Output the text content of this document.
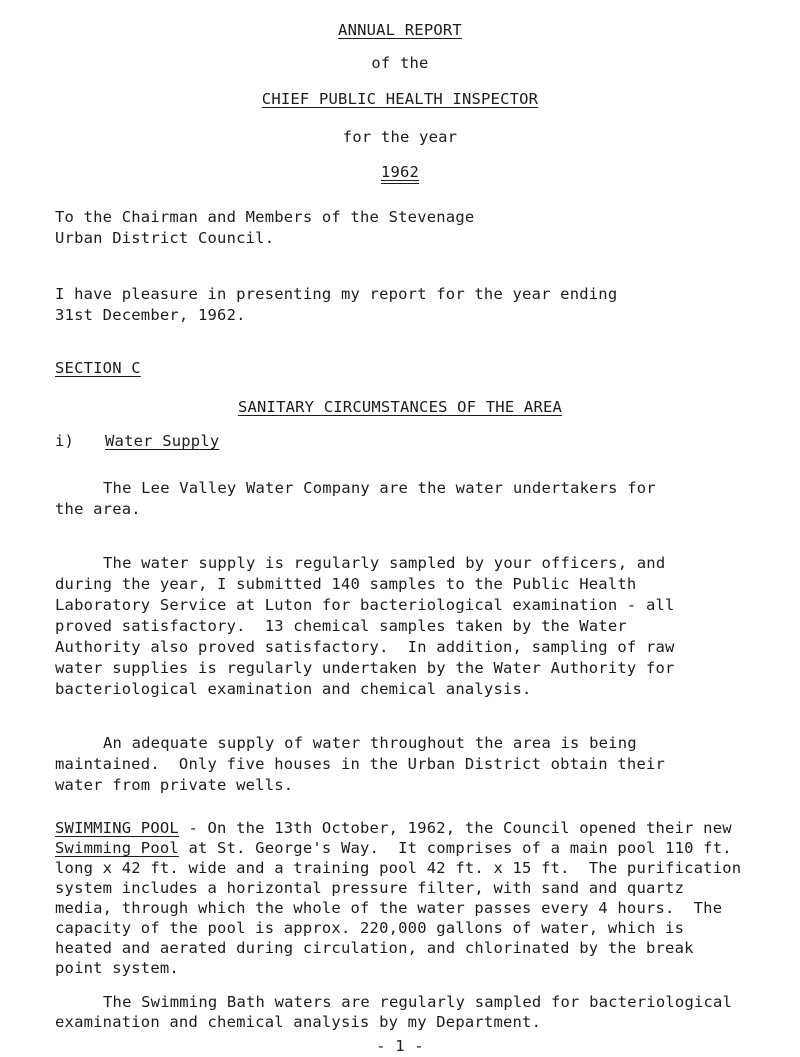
ANNUAL REPORT
of the
CHIEF PUBLIC HEALTH INSPECTOR
for the year
1962
To the Chairman and Members of the Stevenage
Urban District Council.
I have pleasure in presenting my report for the year ending
31st December, 1962.
SECTION C
SANITARY CIRCUMSTANCES OF THE AREA
i) Water Supply
The Lee Valley Water Company are the water undertakers for
the area.
The water supply is regularly sampled by your officers, and
during the year, I submitted 140 samples to the Public Health
Laboratory Service at Luton for bacteriological examination - all
proved satisfactory.  13 chemical samples taken by the Water
Authority also proved satisfactory.  In addition, sampling of raw
water supplies is regularly undertaken by the Water Authority for
bacteriological examination and chemical analysis.
An adequate supply of water throughout the area is being
maintained.  Only five houses in the Urban District obtain their
water from private wells.
SWIMMING POOL - On the 13th October, 1962, the Council opened their new
Swimming Pool at St. George's Way.  It comprises of a main pool 110 ft.
long x 42 ft. wide and a training pool 42 ft. x 15 ft.  The purification
system includes a horizontal pressure filter, with sand and quartz
media, through which the whole of the water passes every 4 hours.  The
capacity of the pool is approx. 220,000 gallons of water, which is
heated and aerated during circulation, and chlorinated by the break
point system.
The Swimming Bath waters are regularly sampled for bacteriological
examination and chemical analysis by my Department.
- 1 -
